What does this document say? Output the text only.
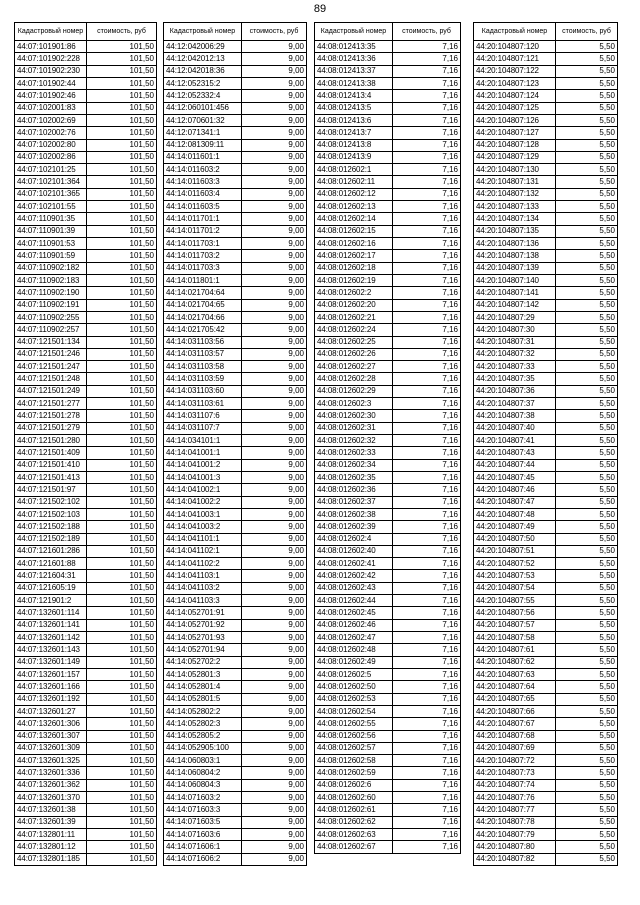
89
Кадастровый номер	стоимость, руб
44:07:101901:86	101,50
44:07:101902:228	101,50
44:07:101902:230	101,50
44:07:101902:44	101,50
44:07:101902:46	101,50
44:07:102001:83	101,50
44:07:102002:69	101,50
44:07:102002:76	101,50
44:07:102002:80	101,50
44:07:102002:86	101,50
44:07:102101:25	101,50
44:07:102101:364	101,50
44:07:102101:365	101,50
44:07:102101:55	101,50
44:07:110901:35	101,50
44:07:110901:39	101,50
44:07:110901:53	101,50
44:07:110901:59	101,50
44:07:110902:182	101,50
44:07:110902:183	101,50
44:07:110902:190	101,50
44:07:110902:191	101,50
44:07:110902:255	101,50
44:07:110902:257	101,50
44:07:121501:134	101,50
44:07:121501:246	101,50
44:07:121501:247	101,50
44:07:121501:248	101,50
44:07:121501:249	101,50
44:07:121501:277	101,50
44:07:121501:278	101,50
44:07:121501:279	101,50
44:07:121501:280	101,50
44:07:121501:409	101,50
44:07:121501:410	101,50
44:07:121501:413	101,50
44:07:121501:97	101,50
44:07:121502:102	101,50
44:07:121502:103	101,50
44:07:121502:188	101,50
44:07:121502:189	101,50
44:07:121601:286	101,50
44:07:121601:88	101,50
44:07:121604:31	101,50
44:07:121605:19	101,50
44:07:121901:2	101,50
44:07:132601:114	101,50
44:07:132601:141	101,50
44:07:132601:142	101,50
44:07:132601:143	101,50
44:07:132601:149	101,50
44:07:132601:157	101,50
44:07:132601:166	101,50
44:07:132601:192	101,50
44:07:132601:27	101,50
44:07:132601:306	101,50
44:07:132601:307	101,50
44:07:132601:309	101,50
44:07:132601:325	101,50
44:07:132601:336	101,50
44:07:132601:362	101,50
44:07:132601:370	101,50
44:07:132601:38	101,50
44:07:132601:39	101,50
44:07:132801:11	101,50
44:07:132801:12	101,50
44:07:132801:185	101,50
Кадастровый номер	стоимость, руб
44:12:042006:29	9,00
44:12:042012:13	9,00
44:12:042018:36	9,00
44:12:052315:2	9,00
44:12:052332:4	9,00
44:12:060101:456	9,00
44:12:070601:32	9,00
44:12:071341:1	9,00
44:12:081309:11	9,00
44:14:011601:1	9,00
44:14:011603:2	9,00
44:14:011603:3	9,00
44:14:011603:4	9,00
44:14:011603:5	9,00
44:14:011701:1	9,00
44:14:011701:2	9,00
44:14:011703:1	9,00
44:14:011703:2	9,00
44:14:011703:3	9,00
44:14:011801:1	9,00
44:14:021704:64	9,00
44:14:021704:65	9,00
44:14:021704:66	9,00
44:14:021705:42	9,00
44:14:031103:56	9,00
44:14:031103:57	9,00
44:14:031103:58	9,00
44:14:031103:59	9,00
44:14:031103:60	9,00
44:14:031103:61	9,00
44:14:031107:6	9,00
44:14:031107:7	9,00
44:14:034101:1	9,00
44:14:041001:1	9,00
44:14:041001:2	9,00
44:14:041001:3	9,00
44:14:041002:1	9,00
44:14:041002:2	9,00
44:14:041003:1	9,00
44:14:041003:2	9,00
44:14:041101:1	9,00
44:14:041102:1	9,00
44:14:041102:2	9,00
44:14:041103:1	9,00
44:14:041103:2	9,00
44:14:041103:3	9,00
44:14:052701:91	9,00
44:14:052701:92	9,00
44:14:052701:93	9,00
44:14:052701:94	9,00
44:14:052702:2	9,00
44:14:052801:3	9,00
44:14:052801:4	9,00
44:14:052801:5	9,00
44:14:052802:2	9,00
44:14:052802:3	9,00
44:14:052805:2	9,00
44:14:052905:100	9,00
44:14:060803:1	9,00
44:14:060804:2	9,00
44:14:060804:3	9,00
44:14:071603:2	9,00
44:14:071603:3	9,00
44:14:071603:5	9,00
44:14:071603:6	9,00
44:14:071606:1	9,00
44:14:071606:2	9,00
Кадастровый номер	стоимость, руб
44:08:012413:35	7,16
44:08:012413:36	7,16
44:08:012413:37	7,16
44:08:012413:38	7,16
44:08:012413:4	7,16
44:08:012413:5	7,16
44:08:012413:6	7,16
44:08:012413:7	7,16
44:08:012413:8	7,16
44:08:012413:9	7,16
44:08:012602:1	7,16
44:08:012602:11	7,16
44:08:012602:12	7,16
44:08:012602:13	7,16
44:08:012602:14	7,16
44:08:012602:15	7,16
44:08:012602:16	7,16
44:08:012602:17	7,16
44:08:012602:18	7,16
44:08:012602:19	7,16
44:08:012602:2	7,16
44:08:012602:20	7,16
44:08:012602:21	7,16
44:08:012602:24	7,16
44:08:012602:25	7,16
44:08:012602:26	7,16
44:08:012602:27	7,16
44:08:012602:28	7,16
44:08:012602:29	7,16
44:08:012602:3	7,16
44:08:012602:30	7,16
44:08:012602:31	7,16
44:08:012602:32	7,16
44:08:012602:33	7,16
44:08:012602:34	7,16
44:08:012602:35	7,16
44:08:012602:36	7,16
44:08:012602:37	7,16
44:08:012602:38	7,16
44:08:012602:39	7,16
44:08:012602:4	7,16
44:08:012602:40	7,16
44:08:012602:41	7,16
44:08:012602:42	7,16
44:08:012602:43	7,16
44:08:012602:44	7,16
44:08:012602:45	7,16
44:08:012602:46	7,16
44:08:012602:47	7,16
44:08:012602:48	7,16
44:08:012602:49	7,16
44:08:012602:5	7,16
44:08:012602:50	7,16
44:08:012602:53	7,16
44:08:012602:54	7,16
44:08:012602:55	7,16
44:08:012602:56	7,16
44:08:012602:57	7,16
44:08:012602:58	7,16
44:08:012602:59	7,16
44:08:012602:6	7,16
44:08:012602:60	7,16
44:08:012602:61	7,16
44:08:012602:62	7,16
44:08:012602:63	7,16
44:08:012602:67	7,16
Кадастровый номер	стоимость, руб
44:20:104807:120	5,50
44:20:104807:121	5,50
44:20:104807:122	5,50
44:20:104807:123	5,50
44:20:104807:124	5,50
44:20:104807:125	5,50
44:20:104807:126	5,50
44:20:104807:127	5,50
44:20:104807:128	5,50
44:20:104807:129	5,50
44:20:104807:130	5,50
44:20:104807:131	5,50
44:20:104807:132	5,50
44:20:104807:133	5,50
44:20:104807:134	5,50
44:20:104807:135	5,50
44:20:104807:136	5,50
44:20:104807:138	5,50
44:20:104807:139	5,50
44:20:104807:140	5,50
44:20:104807:141	5,50
44:20:104807:142	5,50
44:20:104807:29	5,50
44:20:104807:30	5,50
44:20:104807:31	5,50
44:20:104807:32	5,50
44:20:104807:33	5,50
44:20:104807:35	5,50
44:20:104807:36	5,50
44:20:104807:37	5,50
44:20:104807:38	5,50
44:20:104807:40	5,50
44:20:104807:41	5,50
44:20:104807:43	5,50
44:20:104807:44	5,50
44:20:104807:45	5,50
44:20:104807:46	5,50
44:20:104807:47	5,50
44:20:104807:48	5,50
44:20:104807:49	5,50
44:20:104807:50	5,50
44:20:104807:51	5,50
44:20:104807:52	5,50
44:20:104807:53	5,50
44:20:104807:54	5,50
44:20:104807:55	5,50
44:20:104807:56	5,50
44:20:104807:57	5,50
44:20:104807:58	5,50
44:20:104807:61	5,50
44:20:104807:62	5,50
44:20:104807:63	5,50
44:20:104807:64	5,50
44:20:104807:65	5,50
44:20:104807:66	5,50
44:20:104807:67	5,50
44:20:104807:68	5,50
44:20:104807:69	5,50
44:20:104807:72	5,50
44:20:104807:73	5,50
44:20:104807:74	5,50
44:20:104807:76	5,50
44:20:104807:77	5,50
44:20:104807:78	5,50
44:20:104807:79	5,50
44:20:104807:80	5,50
44:20:104807:82	5,50
